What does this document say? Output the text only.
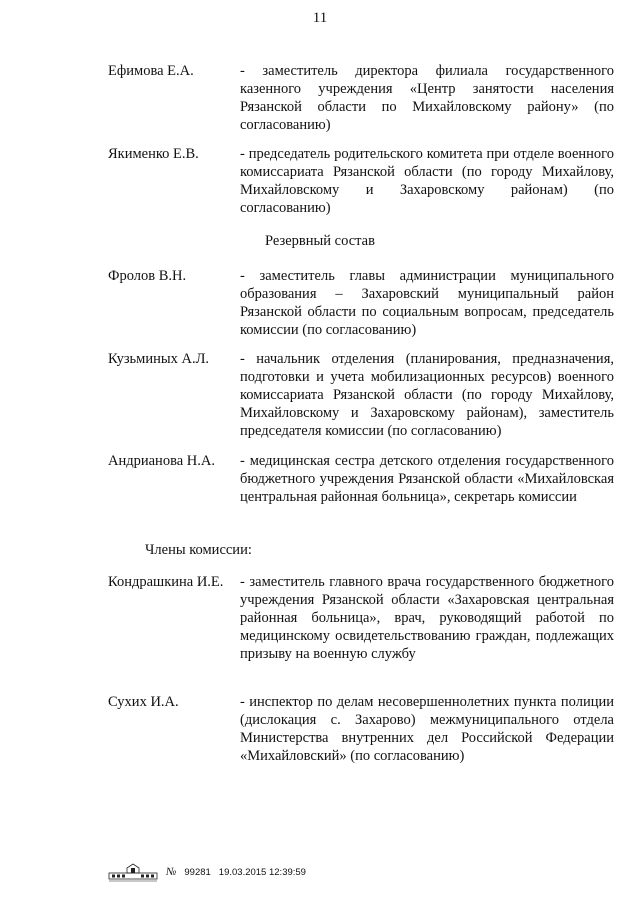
11
Ефимова Е.А.	- заместитель директора филиала государственного казенного учреждения «Центр занятости населения Рязанской области по Михайловскому району» (по согласованию)
Якименко Е.В.	- председатель родительского комитета при отделе военного комиссариата Рязанской области (по городу Михайлову, Михайловскому и Захаровскому районам) (по согласованию)
Резервный состав
Фролов В.Н.	- заместитель главы администрации муниципального образования – Захаровский муниципальный район Рязанской области по социальным вопросам, председатель комиссии (по согласованию)
Кузьминых А.Л. - начальник отделения (планирования, предназначения, подготовки и учета мобилизационных ресурсов) военного комиссариата Рязанской области (по городу Михайлову, Михайловскому и Захаровскому районам), заместитель председателя комиссии (по согласованию)
Андрианова Н.А. - медицинская сестра детского отделения государственного бюджетного учреждения Рязанской области «Михайловская центральная районная больница», секретарь комиссии
Члены комиссии:
Кондрашкина И.Е. - заместитель главного врача государственного бюджетного учреждения Рязанской области «Захаровская центральная районная больница», врач, руководящий работой по медицинскому освидетельствованию граждан, подлежащих призыву на военную службу
Сухих И.А.	- инспектор по делам несовершеннолетних пункта полиции (дислокация с. Захарово) межмуниципального отдела Министерства внутренних дел Российской Федерации «Михайловский» (по согласованию)
№ 99281 19.03.2015 12:39:59
